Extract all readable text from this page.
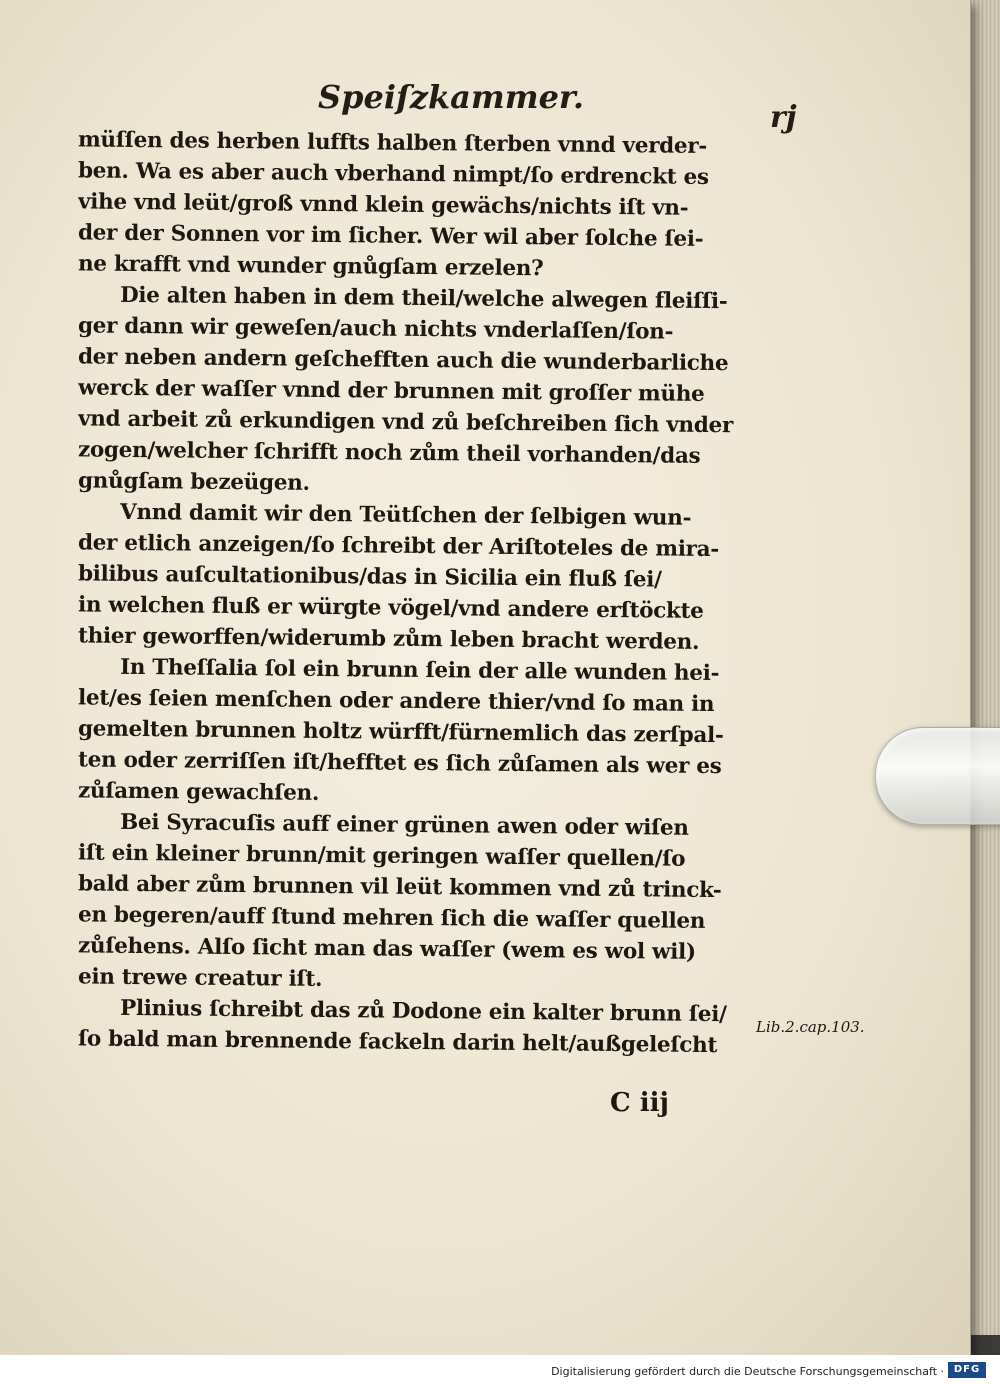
Speiſzkammer.
rj
müſſen des herben luffts halben ſterben vnnd verder-
ben. Wa es aber auch vberhand nimpt/ſo erdrenckt es
vihe vnd leüt/groß vnnd klein gewächs/nichts iſt vn-
der der Sonnen vor im ſicher. Wer wil aber ſolche ſei-
ne krafft vnd wunder gnůgſam erzelen?
Die alten haben in dem theil/welche alwegen fleiſſi-
ger dann wir geweſen/auch nichts vnderlaſſen/ſon-
der neben andern geſchefften auch die wunderbarliche
werck der waſſer vnnd der brunnen mit groſſer mühe
vnd arbeit zů erkundigen vnd zů beſchreiben ſich vnder
zogen/welcher ſchrifft noch zům theil vorhanden/das
gnůgſam bezeügen.
Vnnd damit wir den Teütſchen der ſelbigen wun-
der etlich anzeigen/ſo ſchreibt der Ariſtoteles de mira-
bilibus auſcultationibus/das in Sicilia ein fluß ſei/
in welchen fluß er würgte vögel/vnd andere erſtöckte
thier geworffen/widerumb zům leben bracht werden.
In Theſſalia ſol ein brunn ſein der alle wunden hei-
let/es ſeien menſchen oder andere thier/vnd ſo man in
gemelten brunnen holtz würfft/fürnemlich das zerſpal-
ten oder zerriſſen iſt/hefftet es ſich zůſamen als wer es
zůſamen gewachſen.
Bei Syracuſis auff einer grünen awen oder wiſen
iſt ein kleiner brunn/mit geringen waſſer quellen/ſo
bald aber zům brunnen vil leüt kommen vnd zů trinck-
en begeren/auff ſtund mehren ſich die waſſer quellen
zůſehens. Alſo ſicht man das waſſer (wem es wol wil)
ein trewe creatur iſt.
Plinius ſchreibt das zů Dodone ein kalter brunn ſei/
ſo bald man brennende fackeln darin helt/außgeleſcht	Lib.2.cap.103.
C iij
Digitalisierung gefördert durch die Deutsche Forschungsgemeinschaft · DFG
